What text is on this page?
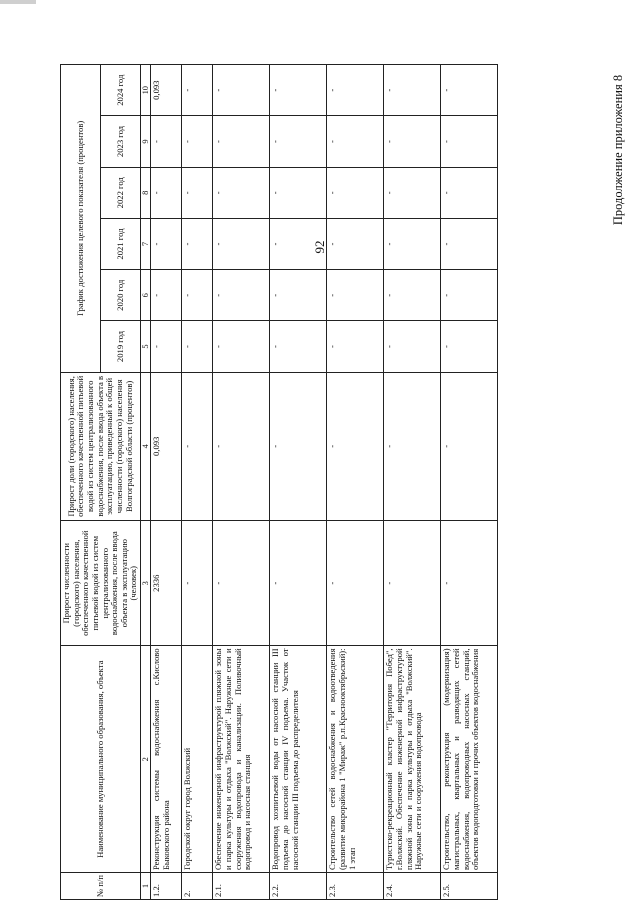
92
Продолжение приложения 8
№ п/п	Наименование муниципального образования, объекта	Прирост численности (городского) населения, обеспеченного качественной питьевой водой из систем централизованного водоснабжения, после ввода объекта в эксплуатацию (человек)	Прирост доли (городского) населения, обеспеченного качественной питьевой водой из систем централизованного водоснабжения, после ввода объекта в эксплуатацию, приведенный к общей численности (городского) населения Волгоградской области (процентов)	График достижения целевого показателя (процентов)					
				2019 год	2020 год	2021 год	2022 год	2023 год	2024 год
1	2	3	4	5	6	7	8	9	10
1.2.	Реконструкция системы водоснабжения с.Кислово Быковского района	2336	0,093	-	-	-	-	-	0,093
2.	Городской округ город Волжский	-	-	-	-	-	-	-	-
2.1.	Обеспечение инженерной инфраструктурой пляжной зоны и парка культуры и отдыха "Волжский". Наружные сети и сооружения водопровода и канализации. Поливочный водопровод и насосная станция	-	-	-	-	-	-	-	-
2.2.	Водопровод хозпитьевой воды от насосной станции III подъема до насосной станции IV подъема. Участок от насосной станции III подъема до распределителя	-	-	-	-	-	-	-	-
2.3.	Строительство сетей водоснабжения и водоотведения (развитие микрорайона 1 "Мираж" р.п.Краснооктябрьский): 1 этап	-	-	-	-	-	-	-	-
2.4.	Туристско-рекреационный кластер "Территория Побед", г.Волжский. Обеспечение инженерной инфраструктурой пляжной зоны и парка культуры и отдыха "Волжский". Наружные сети и сооружения водопровода	-	-	-	-	-	-	-	-
2.5.	Строительство, реконструкция (модернизация) магистральных, квартальных и разводящих сетей водоснабжения, водопроводных насосных станций, объектов водоподготовки и прочих объектов водоснабжения	-	-	-	-	-	-	-	-
